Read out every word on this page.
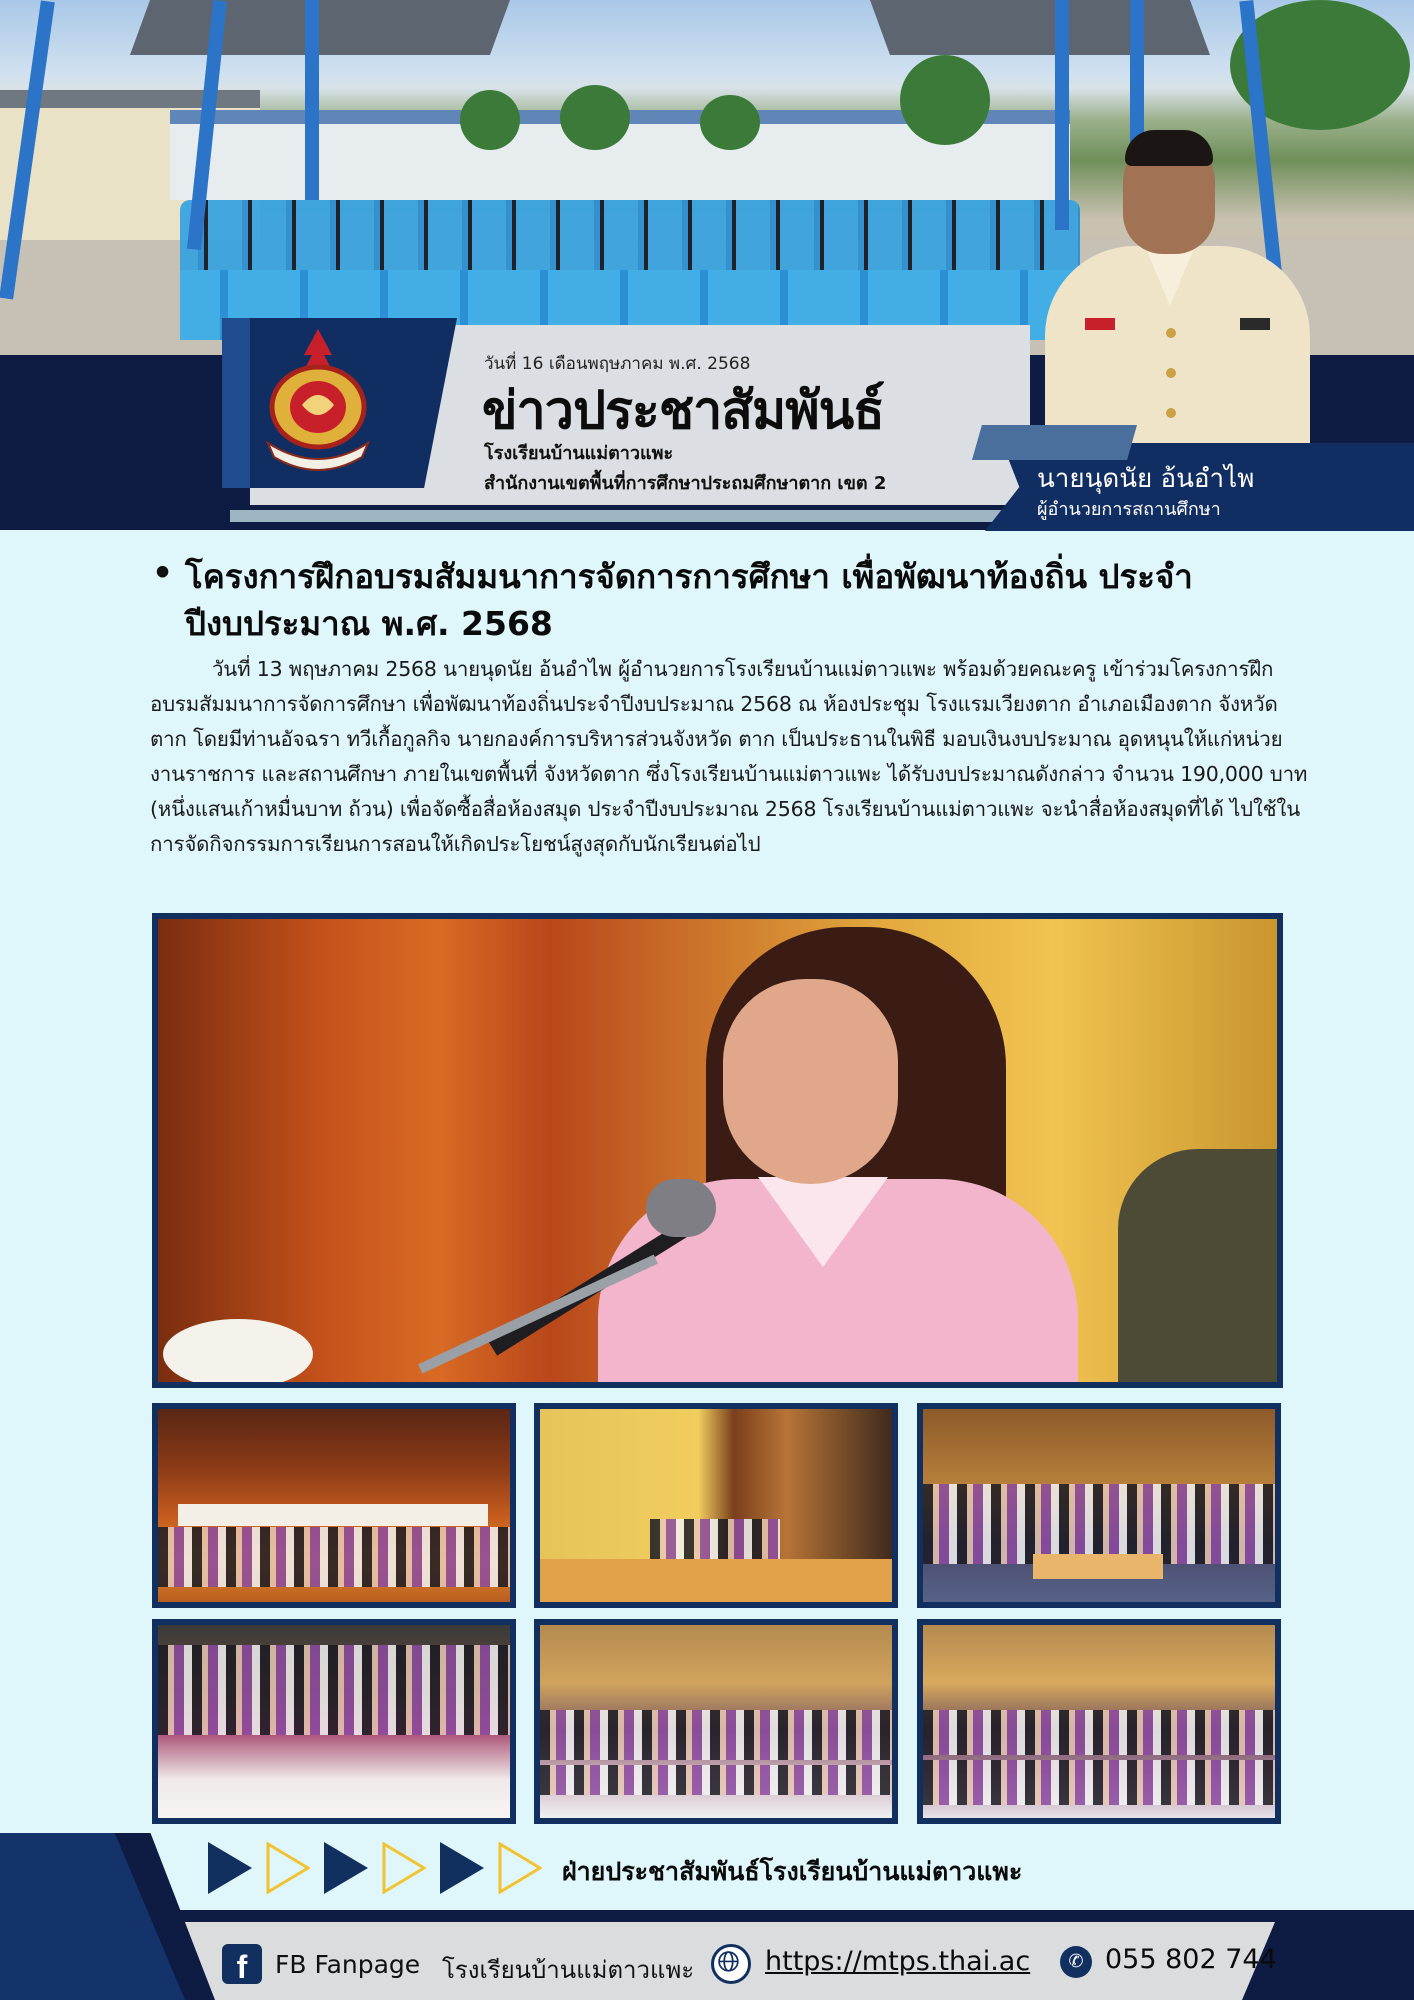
วันที่ 16 เดือนพฤษภาคม พ.ศ. 2568
ข่าวประชาสัมพันธ์
โรงเรียนบ้านแม่ตาวแพะ
สำนักงานเขตพื้นที่การศึกษาประถมศึกษาตาก เขต 2	นายนุดนัย อ้นอำไพ
ผู้อำนวยการสถานศึกษา
• โครงการฝึกอบรมสัมมนาการจัดการการศึกษา เพื่อพัฒนาท้องถิ่น ประจำปีงบประมาณ พ.ศ. 2568
วันที่ 13 พฤษภาคม 2568 นายนุดนัย อ้นอำไพ ผู้อำนวยการโรงเรียนบ้านแม่ตาวแพะ พร้อมด้วยคณะครู เข้าร่วมโครงการฝึกอบรมสัมมนาการจัดการศึกษา เพื่อพัฒนาท้องถิ่นประจำปีงบประมาณ 2568 ณ ห้องประชุม โรงแรมเวียงตาก อำเภอเมืองตาก จังหวัดตาก โดยมีท่านอัจฉรา ทวีเกื้อกูลกิจ นายกองค์การบริหารส่วนจังหวัด ตาก เป็นประธานในพิธี มอบเงินงบประมาณ อุดหนุนให้แก่หน่วยงานราชการ และสถานศึกษา ภายในเขตพื้นที่ จังหวัดตาก ซึ่งโรงเรียนบ้านแม่ตาวแพะ ได้รับงบประมาณดังกล่าว จำนวน 190,000 บาท (หนึ่งแสนเก้าหมื่นบาท ถ้วน) เพื่อจัดซื้อสื่อห้องสมุด ประจำปีงบประมาณ 2568 โรงเรียนบ้านแม่ตาวแพะ จะนำสื่อห้องสมุดที่ได้ ไปใช้ใน การจัดกิจกรรมการเรียนการสอนให้เกิดประโยชน์สูงสุดกับนักเรียนต่อไป
ฝ่ายประชาสัมพันธ์โรงเรียนบ้านแม่ตาวแพะ
f	FB Fanpage โรงเรียนบ้านแม่ตาวแพะ	https://mtps.thai.ac	✆ 055 802 744
